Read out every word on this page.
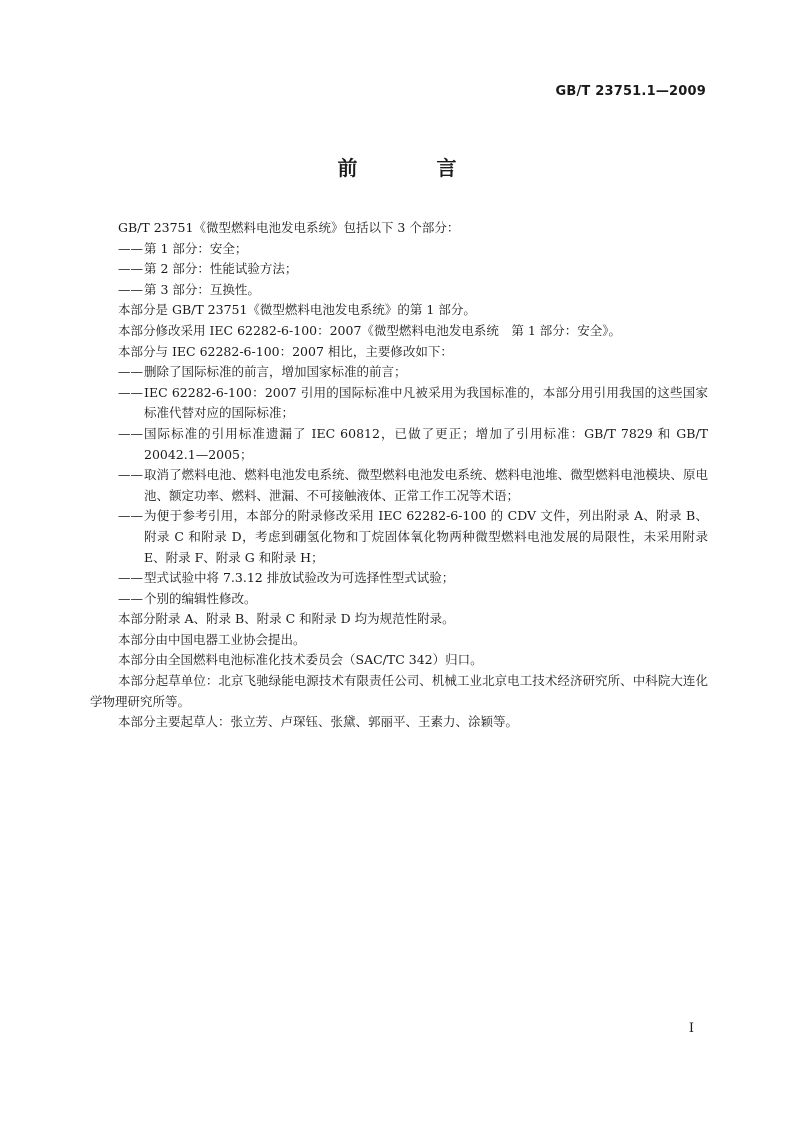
GB/T 23751.1—2009
前 言

GB/T 23751《微型燃料电池发电系统》包括以下 3 个部分：

—— 第 1 部分：安全；

—— 第 2 部分：性能试验方法；

—— 第 3 部分：互换性。

本部分是 GB/T 23751《微型燃料电池发电系统》的第 1 部分。

本部分修改采用 IEC 62282-6-100：2007《微型燃料电池发电系统　第 1 部分：安全》。

本部分与 IEC 62282-6-100：2007 相比，主要修改如下：

—— 删除了国际标准的前言，增加国家标准的前言；

—— IEC 62282-6-100：2007 引用的国际标准中凡被采用为我国标准的，本部分用引用我国的这些国家标准代替对应的国际标准；

—— 国际标准的引用标准遗漏了 IEC 60812，已做了更正；增加了引用标准：GB/T 7829 和 GB/T 20042.1—2005；

—— 取消了燃料电池、燃料电池发电系统、微型燃料电池发电系统、燃料电池堆、微型燃料电池模块、原电池、额定功率、燃料、泄漏、不可接触液体、正常工作工况等术语；

—— 为便于参考引用，本部分的附录修改采用 IEC 62282-6-100 的 CDV 文件，列出附录 A、附录 B、附录 C 和附录 D，考虑到硼氢化物和丁烷固体氧化物两种微型燃料电池发展的局限性，未采用附录 E、附录 F、附录 G 和附录 H；

—— 型式试验中将 7.3.12 排放试验改为可选择性型式试验；

—— 个别的编辑性修改。

本部分附录 A、附录 B、附录 C 和附录 D 均为规范性附录。

本部分由中国电器工业协会提出。

本部分由全国燃料电池标准化技术委员会（SAC/TC 342）归口。

本部分起草单位：北京飞驰绿能电源技术有限责任公司、机械工业北京电工技术经济研究所、中科院大连化学物理研究所等。

本部分主要起草人：张立芳、卢琛钰、张黛、郭丽平、王素力、涂颖等。

I
